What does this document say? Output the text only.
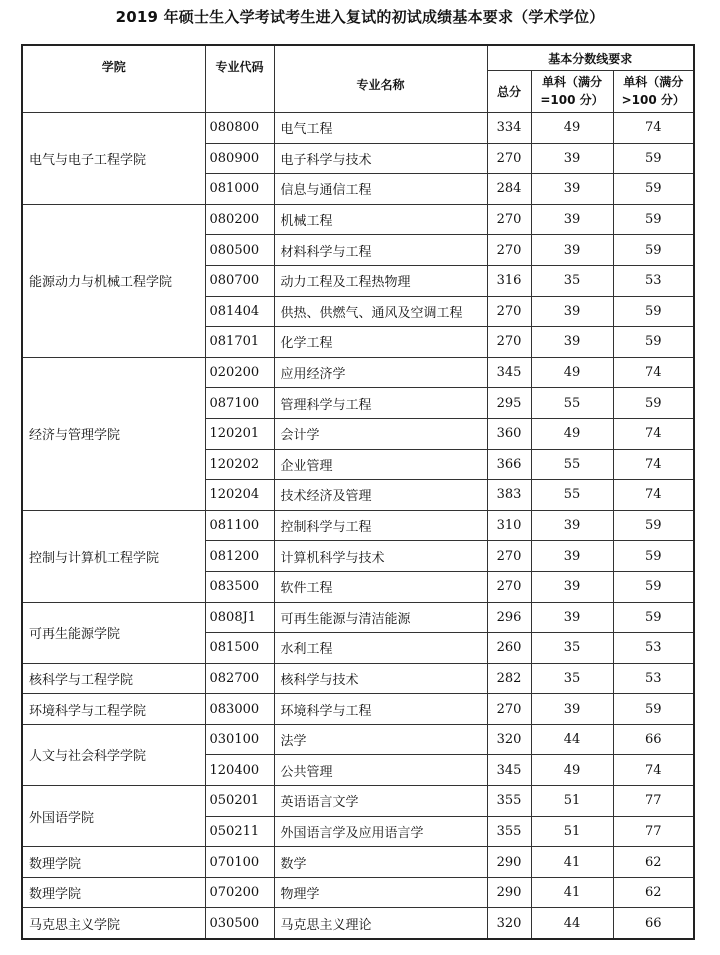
2019 年硕士生入学考试考生进入复试的初试成绩基本要求（学术学位）
学院	专业代码	专业名称	基本分数线要求		
			总分	单科（满分=100 分）	单科（满分>100 分）
电气与电子工程学院	080800	电气工程	334	49	74
	080900	电子科学与技术	270	39	59
	081000	信息与通信工程	284	39	59
能源动力与机械工程学院	080200	机械工程	270	39	59
	080500	材料科学与工程	270	39	59
	080700	动力工程及工程热物理	316	35	53
	081404	供热、供燃气、通风及空调工程	270	39	59
	081701	化学工程	270	39	59
经济与管理学院	020200	应用经济学	345	49	74
	087100	管理科学与工程	295	55	59
	120201	会计学	360	49	74
	120202	企业管理	366	55	74
	120204	技术经济及管理	383	55	74
控制与计算机工程学院	081100	控制科学与工程	310	39	59
	081200	计算机科学与技术	270	39	59
	083500	软件工程	270	39	59
可再生能源学院	0808J1	可再生能源与清洁能源	296	39	59
	081500	水利工程	260	35	53
核科学与工程学院	082700	核科学与技术	282	35	53
环境科学与工程学院	083000	环境科学与工程	270	39	59
人文与社会科学学院	030100	法学	320	44	66
	120400	公共管理	345	49	74
外国语学院	050201	英语语言文学	355	51	77
	050211	外国语言学及应用语言学	355	51	77
数理学院	070100	数学	290	41	62
数理学院	070200	物理学	290	41	62
马克思主义学院	030500	马克思主义理论	320	44	66
